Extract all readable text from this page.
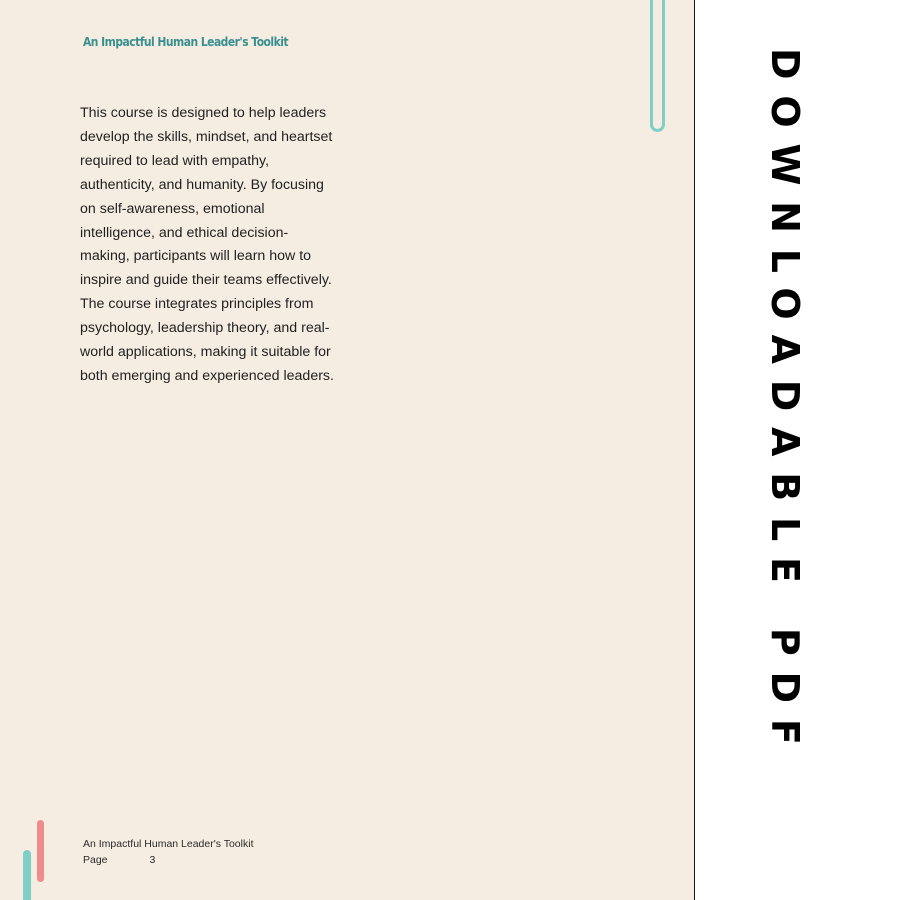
An Impactful Human Leader's Toolkit
This course is designed to help leaders
develop the skills, mindset, and heartset
required to lead with empathy,
authenticity, and humanity. By focusing
on self-awareness, emotional
intelligence, and ethical decision-
making, participants will learn how to
inspire and guide their teams effectively.
The course integrates principles from
psychology, leadership theory, and real-
world applications, making it suitable for
both emerging and experienced leaders.
An Impactful Human Leader's Toolkit
Page	3
DOWNLOADABLE PDF
